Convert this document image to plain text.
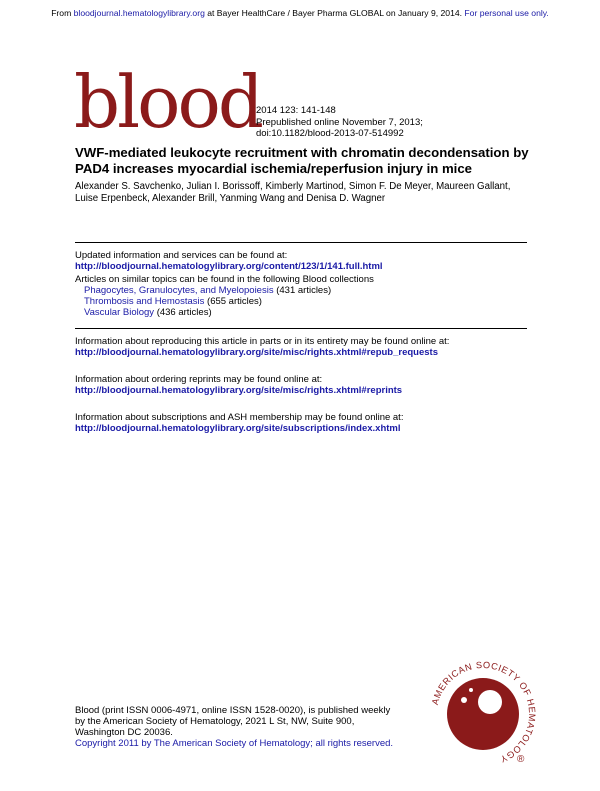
From bloodjournal.hematologylibrary.org at Bayer HealthCare / Bayer Pharma GLOBAL on January 9, 2014. For personal use only.
blood
2014 123: 141-148
Prepublished online November 7, 2013;
doi:10.1182/blood-2013-07-514992
VWF-mediated leukocyte recruitment with chromatin decondensation by PAD4 increases myocardial ischemia/reperfusion injury in mice
Alexander S. Savchenko, Julian I. Borissoff, Kimberly Martinod, Simon F. De Meyer, Maureen Gallant, Luise Erpenbeck, Alexander Brill, Yanming Wang and Denisa D. Wagner
Updated information and services can be found at:
http://bloodjournal.hematologylibrary.org/content/123/1/141.full.html
Articles on similar topics can be found in the following Blood collections
Phagocytes, Granulocytes, and Myelopoiesis (431 articles)
Thrombosis and Hemostasis (655 articles)
Vascular Biology (436 articles)
Information about reproducing this article in parts or in its entirety may be found online at:
http://bloodjournal.hematologylibrary.org/site/misc/rights.xhtml#repub_requests
Information about ordering reprints may be found online at:
http://bloodjournal.hematologylibrary.org/site/misc/rights.xhtml#reprints
Information about subscriptions and ASH membership may be found online at:
http://bloodjournal.hematologylibrary.org/site/subscriptions/index.xhtml
Blood (print ISSN 0006-4971, online ISSN 1528-0020), is published weekly
by the American Society of Hematology, 2021 L St, NW, Suite 900,
Washington DC 20036.
Copyright 2011 by The American Society of Hematology; all rights reserved.
AMERICAN SOCIETY OF HEMATOLOGY ®
